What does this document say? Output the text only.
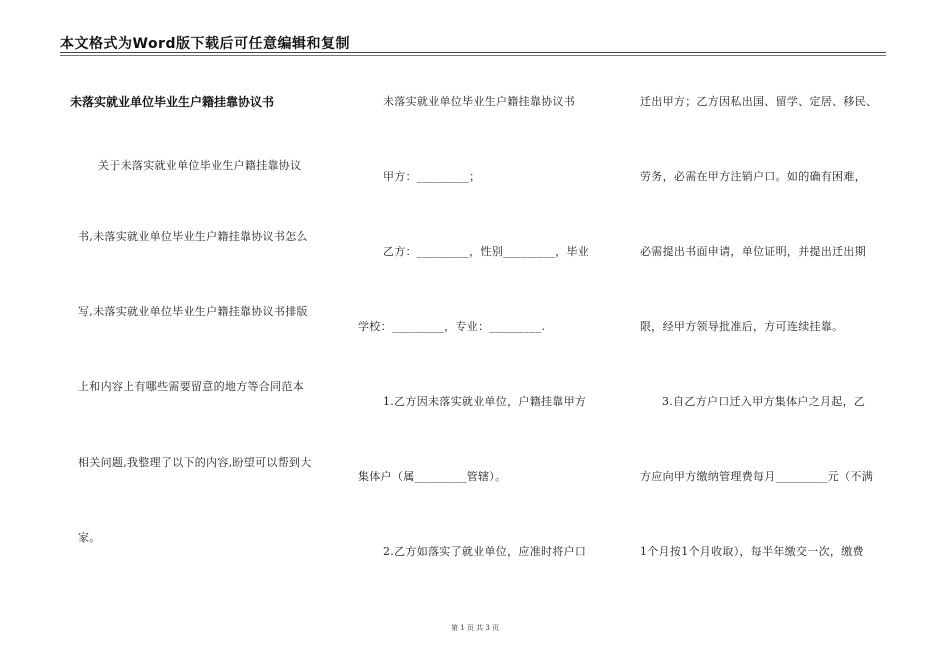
本文格式为Word版下载后可任意编辑和复制
未落实就业单位毕业生户籍挂靠协议书
关于未落实就业单位毕业生户籍挂靠协议
书,未落实就业单位毕业生户籍挂靠协议书怎么
写,未落实就业单位毕业生户籍挂靠协议书排版
上和内容上有哪些需要留意的地方等合同范本
相关问题,我整理了以下的内容,盼望可以帮到大
家。
未落实就业单位毕业生户籍挂靠协议书
甲方：_________；
乙方：_________，性别_________，毕业
学校：_________，专业：_________.
1.乙方因未落实就业单位，户籍挂靠甲方
集体户（属_________管辖）。
2.乙方如落实了就业单位，应准时将户口
迁出甲方；乙方因私出国、留学、定居、移民、
劳务，必需在甲方注销户口。如的确有困难，
必需提出书面申请，单位证明，并提出迁出期
限，经甲方领导批准后，方可连续挂靠。
3.自乙方户口迁入甲方集体户之月起，乙
方应向甲方缴纳管理费每月_________元（不满
1个月按1个月收取），每半年缴交一次，缴费
第 1 页 共 3 页
